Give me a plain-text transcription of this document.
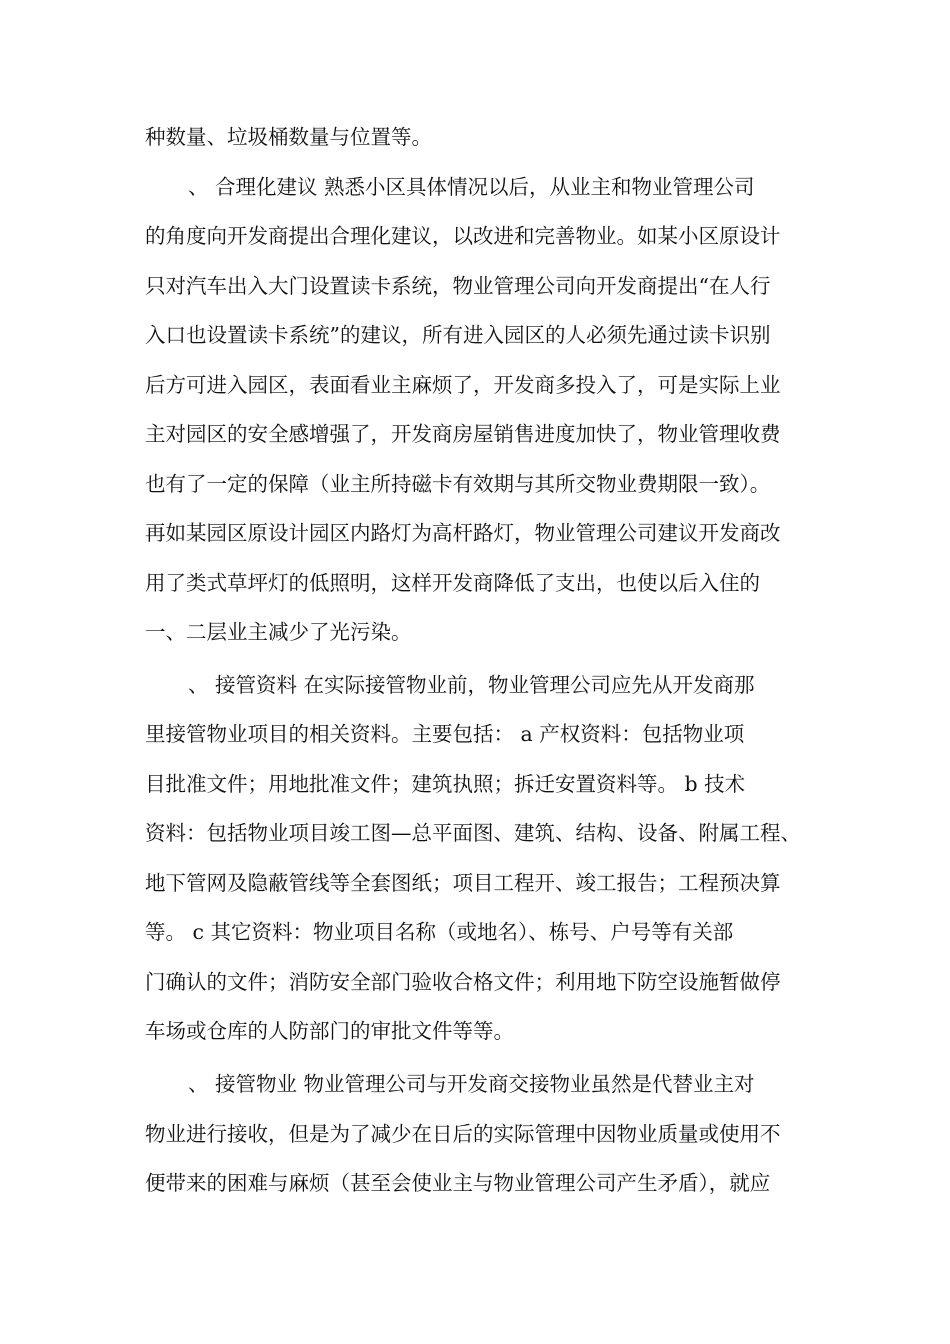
种数量、垃圾桶数量与位置等。
、 合理化建议 熟悉小区具体情况以后，从业主和物业管理公司
的角度向开发商提出合理化建议，以改进和完善物业。如某小区原设计
只对汽车出入大门设置读卡系统，物业管理公司向开发商提出“在人行
入口也设置读卡系统”的建议，所有进入园区的人必须先通过读卡识别
后方可进入园区，表面看业主麻烦了，开发商多投入了，可是实际上业
主对园区的安全感增强了，开发商房屋销售进度加快了，物业管理收费
也有了一定的保障（业主所持磁卡有效期与其所交物业费期限一致）。
再如某园区原设计园区内路灯为高杆路灯，物业管理公司建议开发商改
用了类式草坪灯的低照明，这样开发商降低了支出，也使以后入住的
一、二层业主减少了光污染。
、 接管资料 在实际接管物业前，物业管理公司应先从开发商那
里接管物业项目的相关资料。主要包括： a 产权资料：包括物业项
目批准文件；用地批准文件；建筑执照；拆迁安置资料等。 b 技术
资料：包括物业项目竣工图—总平面图、建筑、结构、设备、附属工程、
地下管网及隐蔽管线等全套图纸；项目工程开、竣工报告；工程预决算
等。 c 其它资料：物业项目名称（或地名）、栋号、户号等有关部
门确认的文件；消防安全部门验收合格文件；利用地下防空设施暂做停
车场或仓库的人防部门的审批文件等等。
、 接管物业 物业管理公司与开发商交接物业虽然是代替业主对
物业进行接收，但是为了减少在日后的实际管理中因物业质量或使用不
便带来的困难与麻烦（甚至会使业主与物业管理公司产生矛盾），就应
